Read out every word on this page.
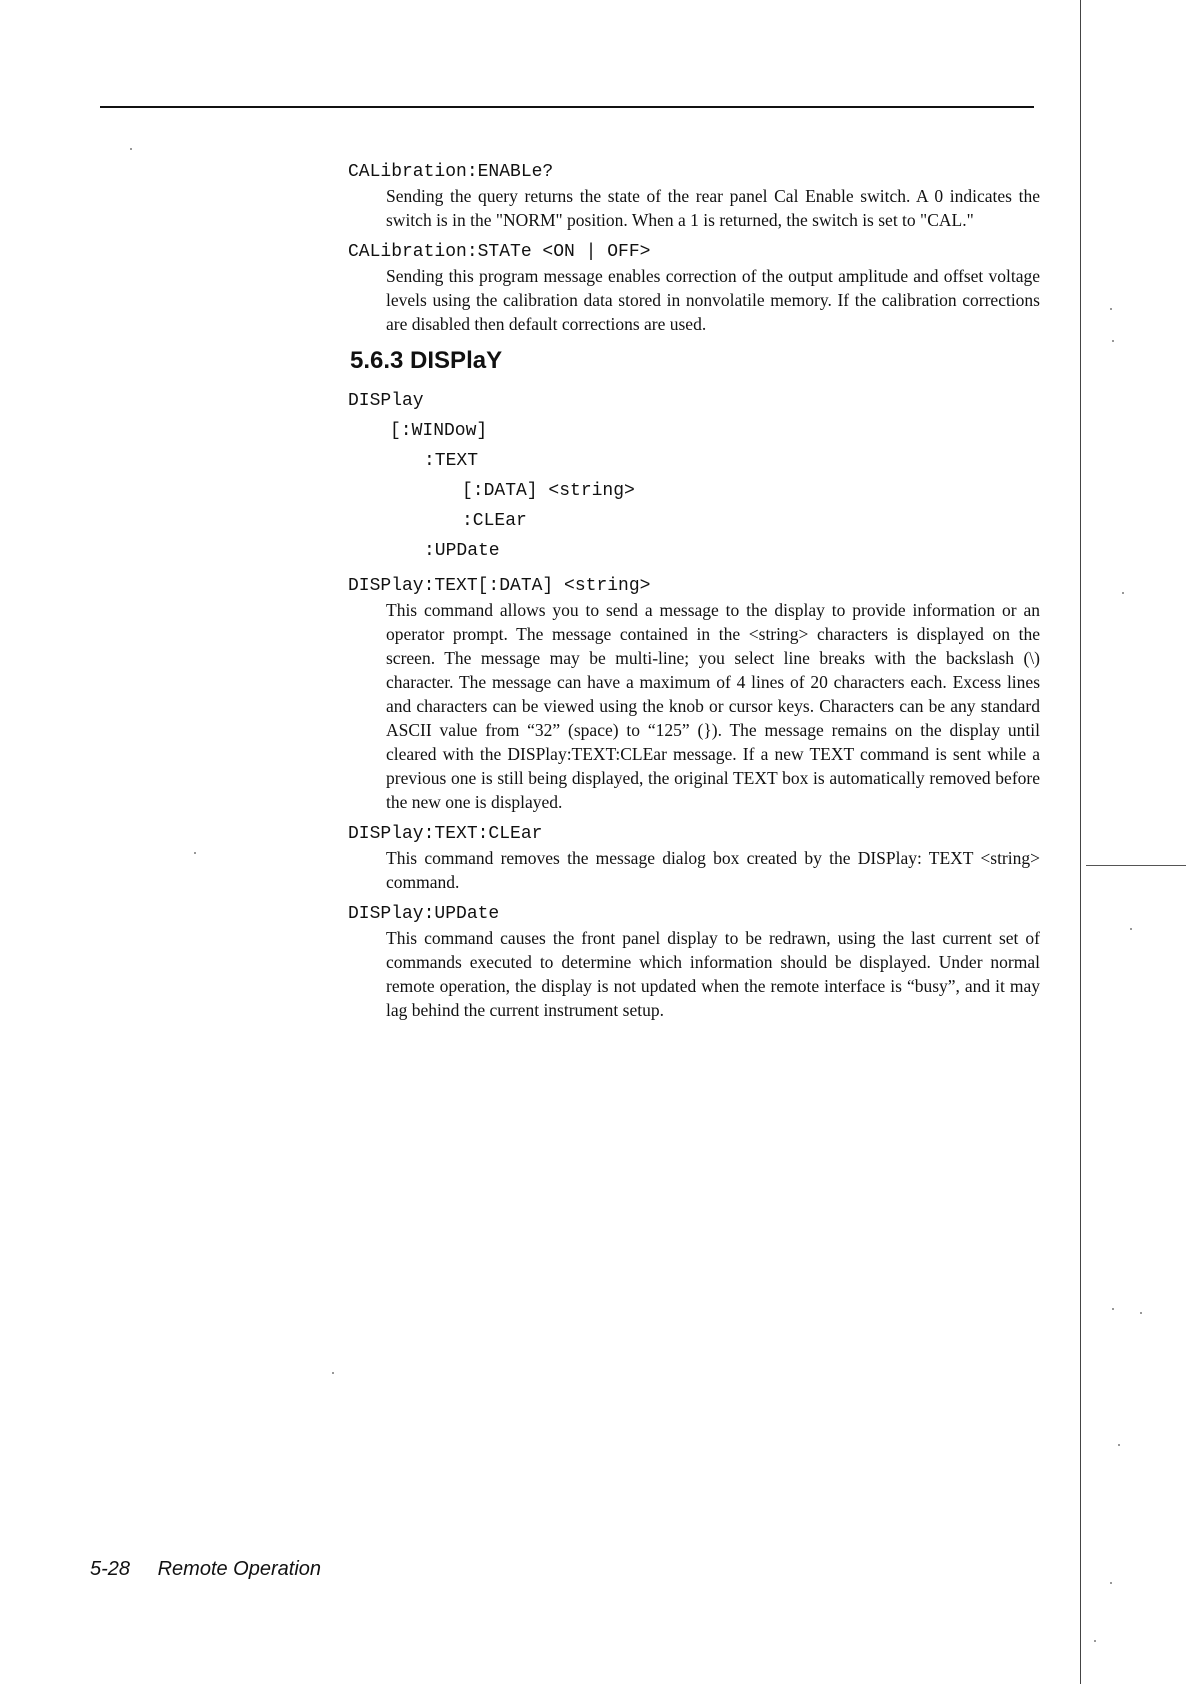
CALibration:ENABLe?

Sending the query returns the state of the rear panel Cal Enable switch. A 0 indicates the switch is in the "NORM" position. When a 1 is returned, the switch is set to "CAL."

CALibration:STATe <ON | OFF>

Sending this program message enables correction of the output amplitude and offset voltage levels using the calibration data stored in nonvolatile memory. If the calibration corrections are disabled then default corrections are used.

5.6.3 DISPlaY

DISPlay

[:WINDow]

:TEXT

[:DATA] <string>

:CLEar

:UPDate

DISPlay:TEXT[:DATA] <string>

This command allows you to send a message to the display to provide information or an operator prompt. The message contained in the <string> characters is displayed on the screen. The message may be multi-line; you select line breaks with the backslash (\) character. The message can have a maximum of 4 lines of 20 characters each. Excess lines and characters can be viewed using the knob or cursor keys. Characters can be any standard ASCII value from “32” (space) to “125” (}). The message remains on the display until cleared with the DISPlay:TEXT:CLEar message. If a new TEXT command is sent while a previous one is still being displayed, the original TEXT box is automatically removed before the new one is displayed.

DISPlay:TEXT:CLEar

This command removes the message dialog box created by the DISPlay: TEXT <string> command.

DISPlay:UPDate

This command causes the front panel display to be redrawn, using the last current set of commands executed to determine which information should be displayed. Under normal remote operation, the display is not updated when the remote interface is “busy”, and it may lag behind the current instrument setup.

5-28 Remote Operation
